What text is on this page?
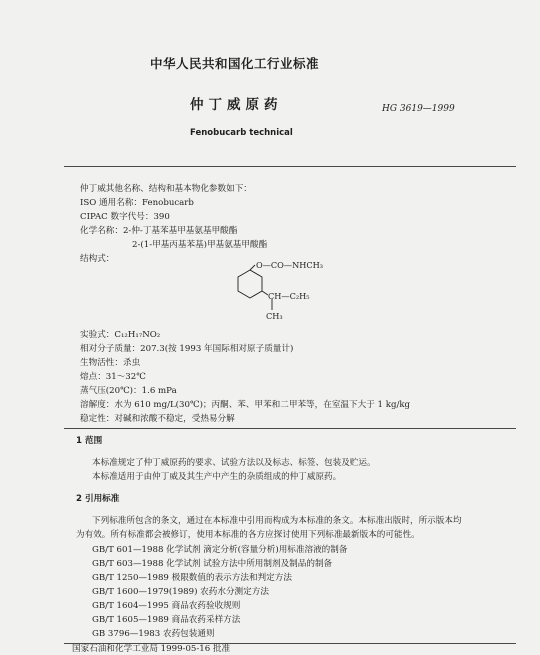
中华人民共和国化工行业标准
仲丁威原药	HG 3619—1999
Fenobucarb technical
仲丁威其他名称、结构和基本物化参数如下：
ISO 通用名称：Fenobucarb
CIPAC 数字代号：390
化学名称：2-仲-丁基苯基甲基氨基甲酸酯
2-(1-甲基丙基苯基)甲基氨基甲酸酯
结构式：
O—CO—NHCH₃
CH—C₂H₅
CH₃
实验式：C₁₂H₁₇NO₂
相对分子质量：207.3(按 1993 年国际相对原子质量计)
生物活性：杀虫
熔点：31～32℃
蒸气压(20℃)：1.6 mPa
溶解度：水为 610 mg/L(30℃)；丙酮、苯、甲苯和二甲苯等，在室温下大于 1 kg/kg
稳定性：对碱和浓酸不稳定，受热易分解
1 范围
本标准规定了仲丁威原药的要求、试验方法以及标志、标签、包装及贮运。
本标准适用于由仲丁威及其生产中产生的杂质组成的仲丁威原药。
2 引用标准
下列标准所包含的条文，通过在本标准中引用而构成为本标准的条文。本标准出版时，所示版本均
为有效。所有标准都会被修订，使用本标准的各方应探讨使用下列标准最新版本的可能性。
GB/T 601—1988 化学试剂 滴定分析(容量分析)用标准溶液的制备
GB/T 603—1988 化学试剂 试验方法中所用制剂及制品的制备
GB/T 1250—1989 极限数值的表示方法和判定方法
GB/T 1600—1979(1989) 农药水分测定方法
GB/T 1604—1995 商品农药验收规则
GB/T 1605—1989 商品农药采样方法
GB 3796—1983 农药包装通则
国家石油和化学工业局 1999-05-16 批准
